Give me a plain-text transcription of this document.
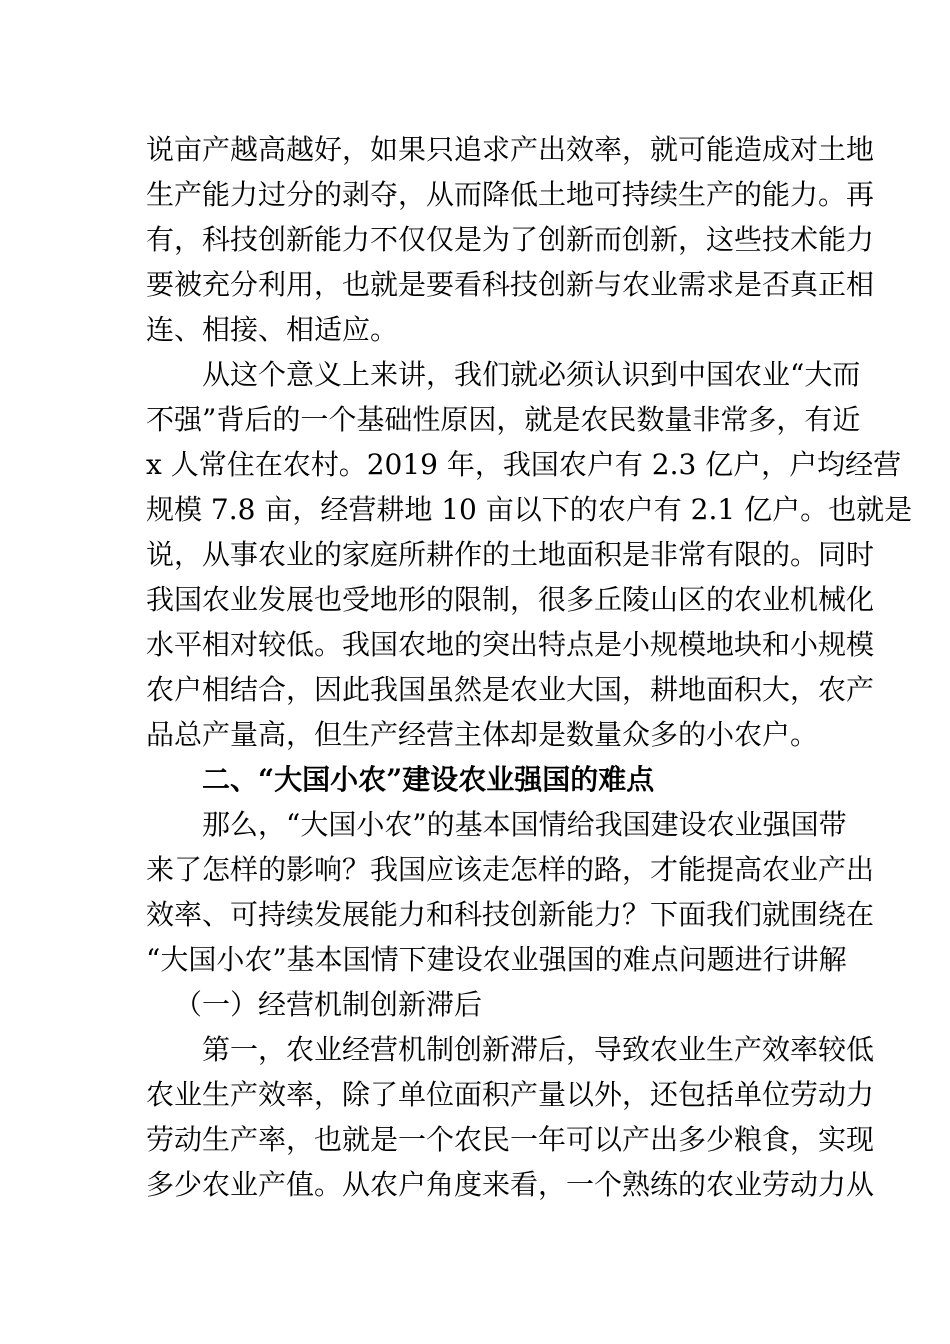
说亩产越高越好，如果只追求产出效率，就可能造成对土地
生产能力过分的剥夺，从而降低土地可持续生产的能力。再
有，科技创新能力不仅仅是为了创新而创新，这些技术能力
要被充分利用，也就是要看科技创新与农业需求是否真正相
连、相接、相适应。
从这个意义上来讲，我们就必须认识到中国农业“大而
不强”背后的一个基础性原因，就是农民数量非常多，有近
x 人常住在农村。2019 年，我国农户有 2.3 亿户，户均经营
规模 7.8 亩，经营耕地 10 亩以下的农户有 2.1 亿户。也就是
说，从事农业的家庭所耕作的土地面积是非常有限的。同时
我国农业发展也受地形的限制，很多丘陵山区的农业机械化
水平相对较低。我国农地的突出特点是小规模地块和小规模
农户相结合，因此我国虽然是农业大国，耕地面积大，农产
品总产量高，但生产经营主体却是数量众多的小农户。
二、“大国小农”建设农业强国的难点
那么，“大国小农”的基本国情给我国建设农业强国带
来了怎样的影响？我国应该走怎样的路，才能提高农业产出
效率、可持续发展能力和科技创新能力？下面我们就围绕在
“大国小农”基本国情下建设农业强国的难点问题进行讲解
（一）经营机制创新滞后
第一，农业经营机制创新滞后，导致农业生产效率较低
农业生产效率，除了单位面积产量以外，还包括单位劳动力
劳动生产率，也就是一个农民一年可以产出多少粮食，实现
多少农业产值。从农户角度来看，一个熟练的农业劳动力从
